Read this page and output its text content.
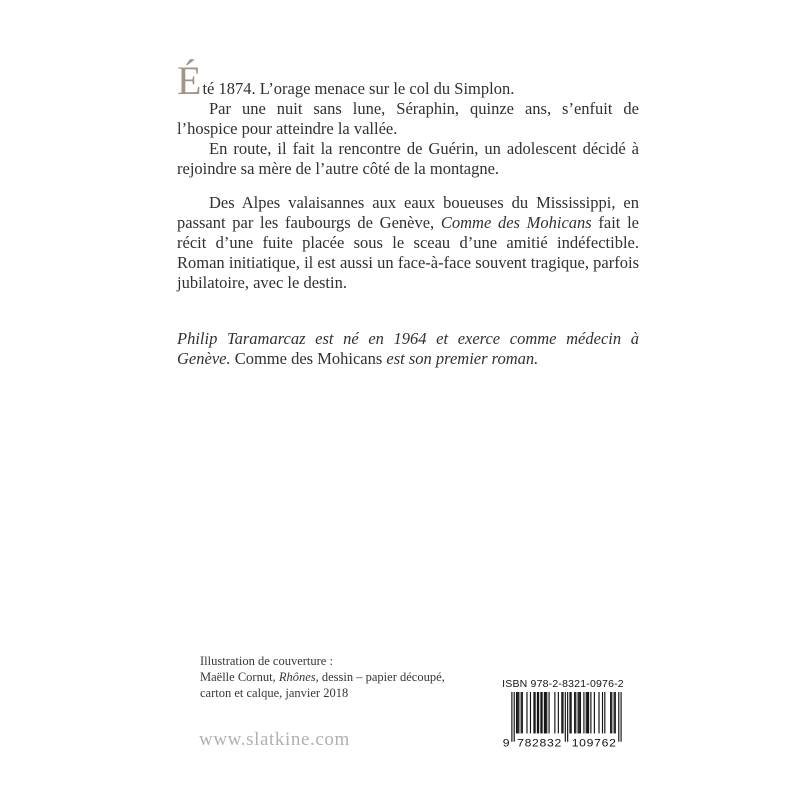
Été 1874. L’orage menace sur le col du Simplon.

Par une nuit sans lune, Séraphin, quinze ans, s’enfuit de l’hospice pour atteindre la vallée.

En route, il fait la rencontre de Guérin, un adolescent décidé à rejoindre sa mère de l’autre côté de la montagne.

Des Alpes valaisannes aux eaux boueuses du Mississippi, en passant par les faubourgs de Genève, Comme des Mohicans fait le récit d’une fuite placée sous le sceau d’une amitié indéfectible. Roman initiatique, il est aussi un face-à-face souvent tragique, parfois jubilatoire, avec le destin.

Philip Taramarcaz est né en 1964 et exerce comme médecin à Genève. Comme des Mohicans est son premier roman.

Illustration de couverture :
Maëlle Cornut, Rhônes, dessin – papier découpé,
carton et calque, janvier 2018
www.slatkine.com
ISBN 978-2-8321-0976-2
9 782832 109762
